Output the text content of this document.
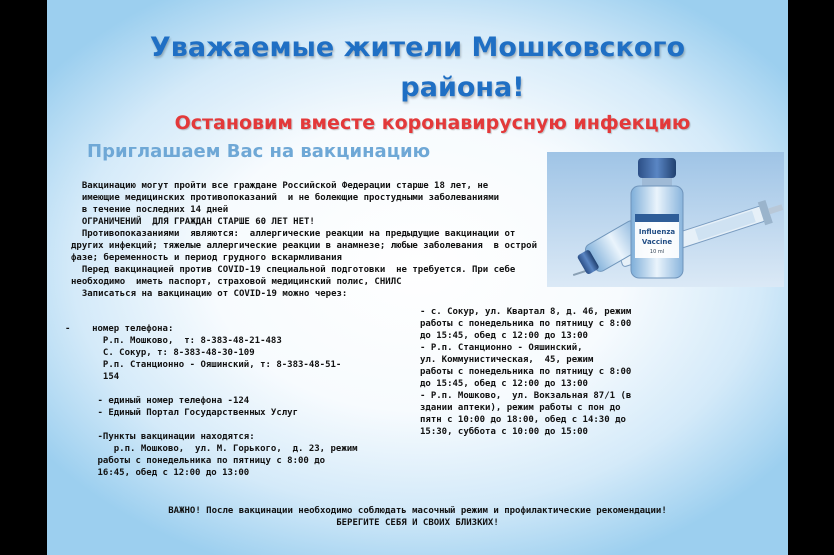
Уважаемые жители Мошковского
района!
Остановим вместе коронавирусную инфекцию
Приглашаем Вас на вакцинацию
Influenza
Vaccine
10 ml

Вакцинацию могут пройти все граждане Российской Федерации старше 18 лет, не

имеющие медицинских противопоказаний  и не болеющие простудными заболеваниями

в течение последних 14 дней

ОГРАНИЧЕНИЙ  ДЛЯ ГРАЖДАН СТАРШЕ 60 ЛЕТ НЕТ!

Противопоказаниями  являются:  аллергические реакции на предыдущие вакцинации от

другиx инфекций; тяжелые аллергические реакции в анамнезе; любые заболевания  в острой

фазе; беременность и период грудного вскармливания

Перед вакцинацией против COVID-19 специальной подготовки  не требуется. При себе

необходимо  иметь паспорт, страховой медицинский полис, СНИЛС

Записаться на вакцинацию от COVID-19 можно через:

-    номер телефона:

Р.п. Мошково,  т: 8-383-48-21-483

С. Сокур, т: 8-383-48-30-109

Р.п. Станционно - Ояшинский, т: 8-383-48-51-

154

- единый номер телефона -124

- Единый Портал Государственных Услуг

-Пункты вакцинации находятся:

р.п. Мошково,  ул. М. Горького,  д. 23, режим

работы с понедельника по пятницу с 8:00 до

16:45, обед с 12:00 до 13:00

- с. Сокур, ул. Квартал 8, д. 46, режим

работы с понедельника по пятницу с 8:00

до 15:45, обед с 12:00 до 13:00

- Р.п. Станционно - Ояшинский,

ул. Коммунистическая,  45, режим

работы с понедельника по пятницу с 8:00

до 15:45, обед с 12:00 до 13:00

- Р.п. Мошково,  ул. Вокзальная 87/1 (в

здании аптеки), режим работы с пон до

пятн с 10:00 до 18:00, обед с 14:30 до

15:30, суббота с 10:00 до 15:00

ВАЖНО! После вакцинации необходимо соблюдать масочный режим и профилактические рекомендации!

БЕРЕГИТЕ СЕБЯ И СВОИХ БЛИЗКИХ!
